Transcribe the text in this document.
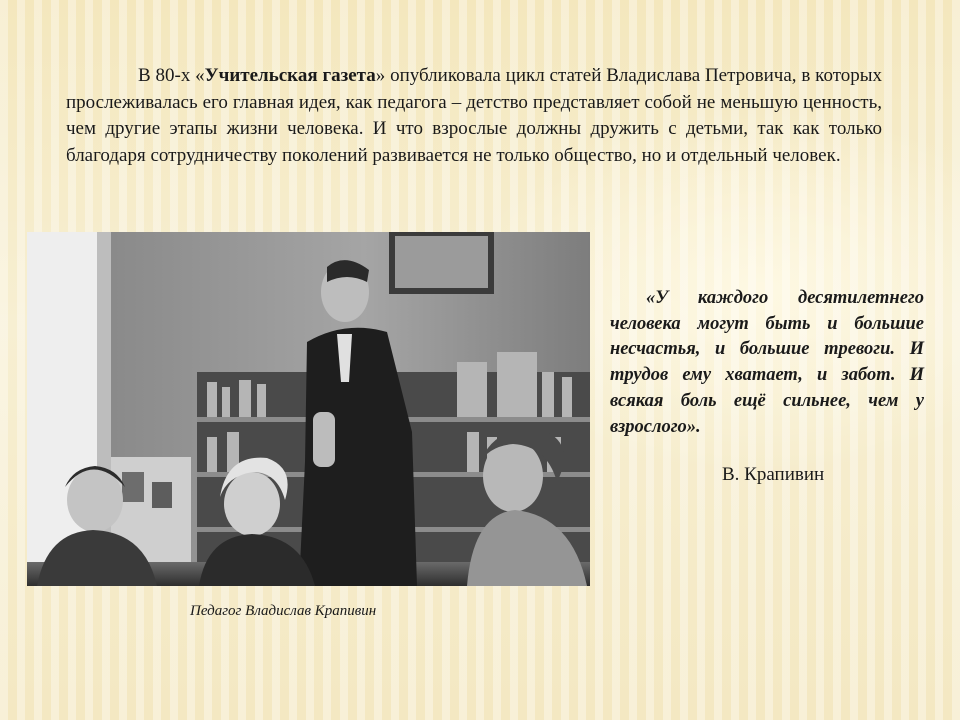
В 80-х «Учительская газета» опубликовала цикл статей Владислава Петровича, в которых прослеживалась его главная идея, как педагога – детство представляет собой не меньшую ценность, чем другие этапы жизни человека. И что взрослые должны дружить с детьми, так как только благодаря сотрудничеству поколений развивается не только общество, но и отдельный человек.
Педагог Владислав Крапивин
«У каждого десятилетнего человека могут быть и большие несчастья, и большие тревоги. И трудов ему хватает, и забот. И всякая боль ещё сильнее, чем у взрослого».
В. Крапивин
